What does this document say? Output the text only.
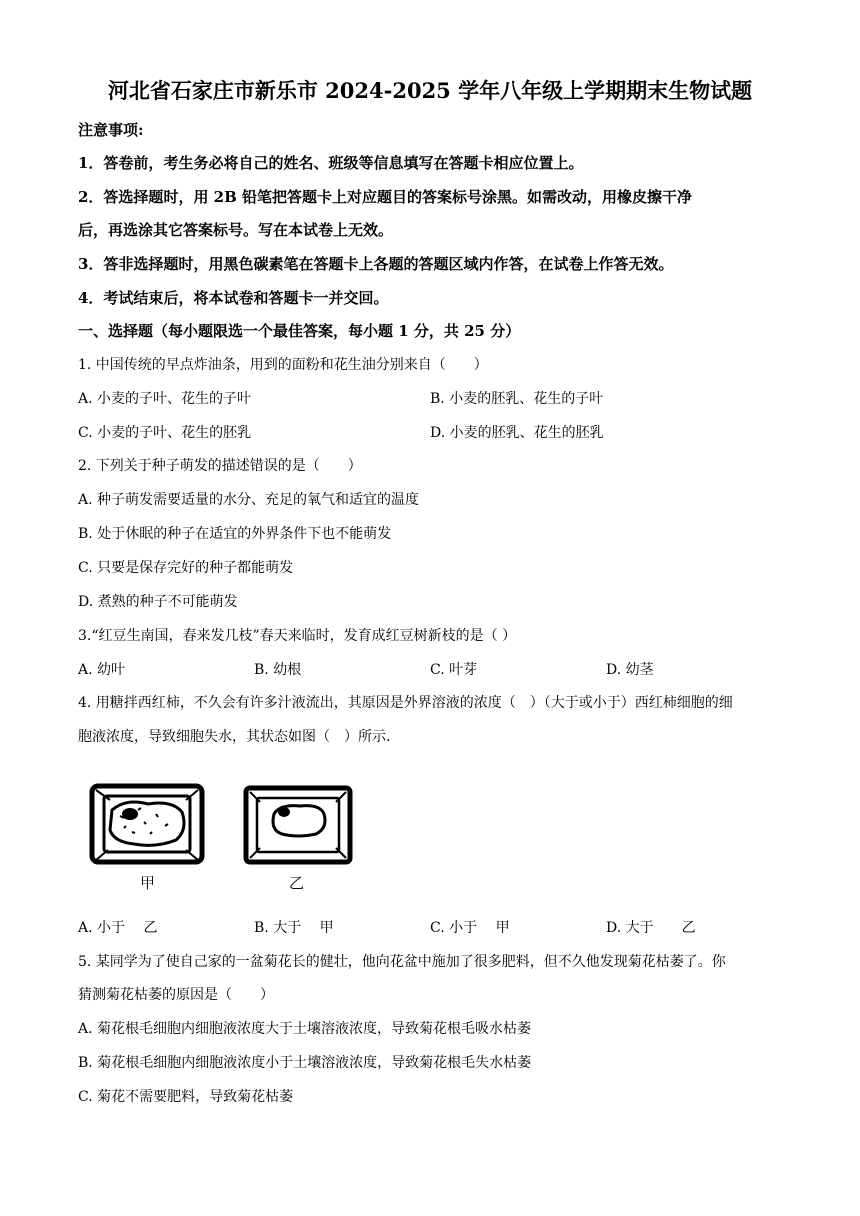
河北省石家庄市新乐市 2024-2025 学年八年级上学期期末生物试题
注意事项:
1．答卷前，考生务必将自己的姓名、班级等信息填写在答题卡相应位置上。
2．答选择题时，用 2B 铅笔把答题卡上对应题目的答案标号涂黑。如需改动，用橡皮擦干净
后，再选涂其它答案标号。写在本试卷上无效。
3．答非选择题时，用黑色碳素笔在答题卡上各题的答题区域内作答，在试卷上作答无效。
4．考试结束后，将本试卷和答题卡一并交回。
一、选择题（每小题限选一个最佳答案，每小题 1 分，共 25 分）
1. 中国传统的早点炸油条，用到的面粉和花生油分别来自（　　）
A. 小麦的子叶、花生的子叶	B. 小麦的胚乳、花生的子叶
C. 小麦的子叶、花生的胚乳	D. 小麦的胚乳、花生的胚乳
2. 下列关于种子萌发的描述错误的是（　　）
A. 种子萌发需要适量的水分、充足的氧气和适宜的温度
B. 处于休眠的种子在适宜的外界条件下也不能萌发
C. 只要是保存完好的种子都能萌发
D. 煮熟的种子不可能萌发
3.“红豆生南国，春来发几枝”春天来临时，发育成红豆树新枝的是（ ）
A. 幼叶	B. 幼根	C. 叶芽	D. 幼茎
4. 用糖拌西红柿，不久会有许多汁液流出，其原因是外界溶液的浓度（　）（大于或小于）西红柿细胞的细
胞液浓度，导致细胞失水，其状态如图（　）所示.
甲	乙
A. 小于　 乙	B. 大于　 甲	C. 小于　 甲	D. 大于　　乙
5. 某同学为了使自己家的一盆菊花长的健壮，他向花盆中施加了很多肥料，但不久他发现菊花枯萎了。你
猜测菊花枯萎的原因是（　　）
A. 菊花根毛细胞内细胞液浓度大于土壤溶液浓度，导致菊花根毛吸水枯萎
B. 菊花根毛细胞内细胞液浓度小于土壤溶液浓度，导致菊花根毛失水枯萎
C. 菊花不需要肥料，导致菊花枯萎
